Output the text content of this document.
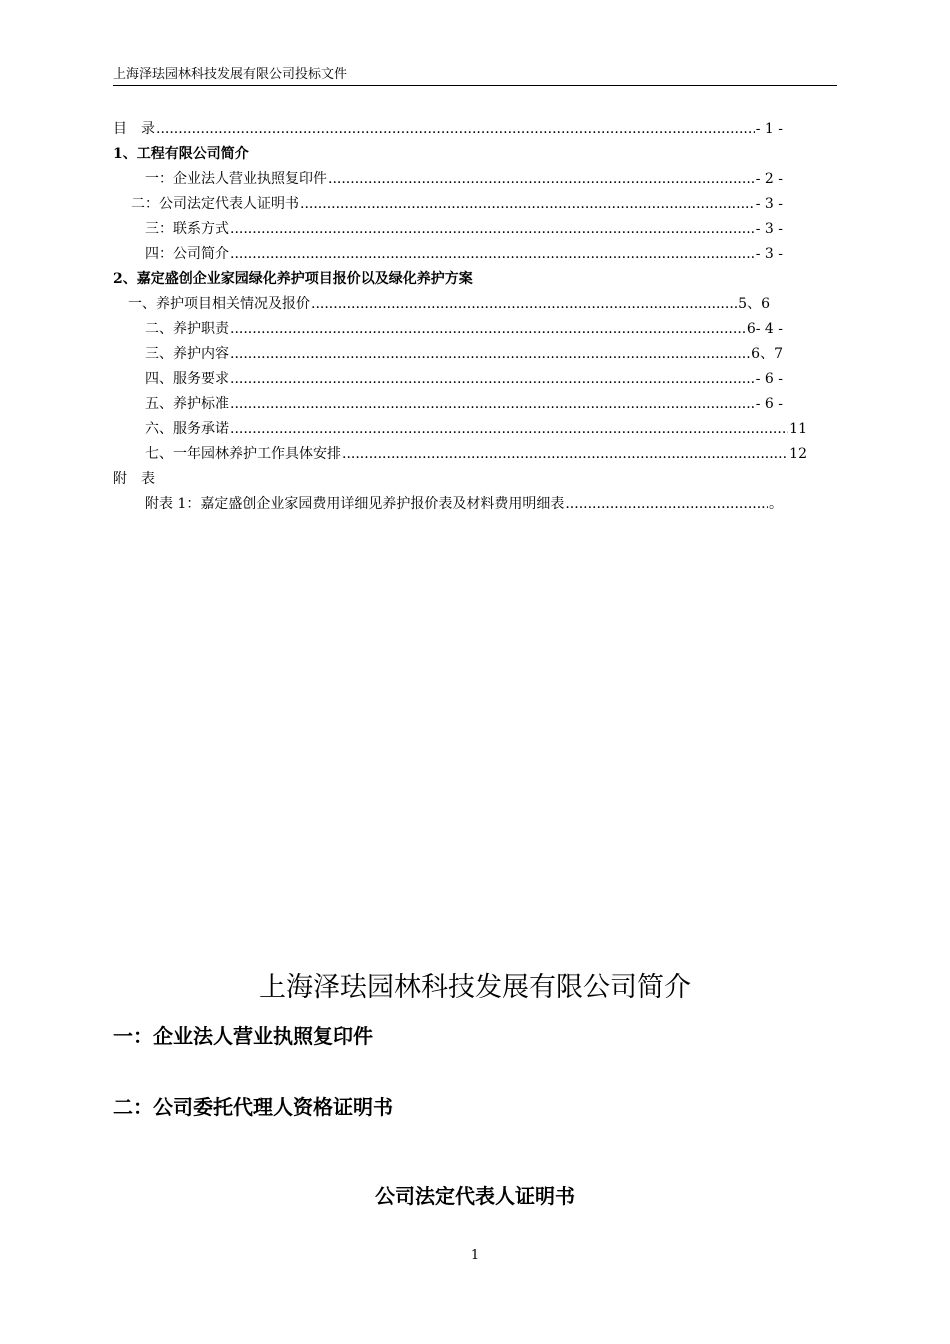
上海泽珐园林科技发展有限公司投标文件
目　录 .....	- 1 -
1、工程有限公司简介
一：企业法人营业执照复印件 .....	- 2 -
二：公司法定代表人证明书 .....	- 3 -
三：联系方式 .....	- 3 -
四：公司简介 .....	- 3 -
2、嘉定盛创企业家园绿化养护项目报价以及绿化养护方案
一、养护项目相关情况及报价 .....	5、6
二、养护职责 .....	6- 4 -
三、养护内容 .....	6、7
四、服务要求 .....	- 6 -
五、养护标准 .....	- 6 -
六、服务承诺 .....	11
七、一年园林养护工作具体安排 .....	12
附　表
附表 1：嘉定盛创企业家园费用详细见养护报价表及材料费用明细表 .....	。
上海泽珐园林科技发展有限公司简介
一：企业法人营业执照复印件
二：公司委托代理人资格证明书
公司法定代表人证明书
1
